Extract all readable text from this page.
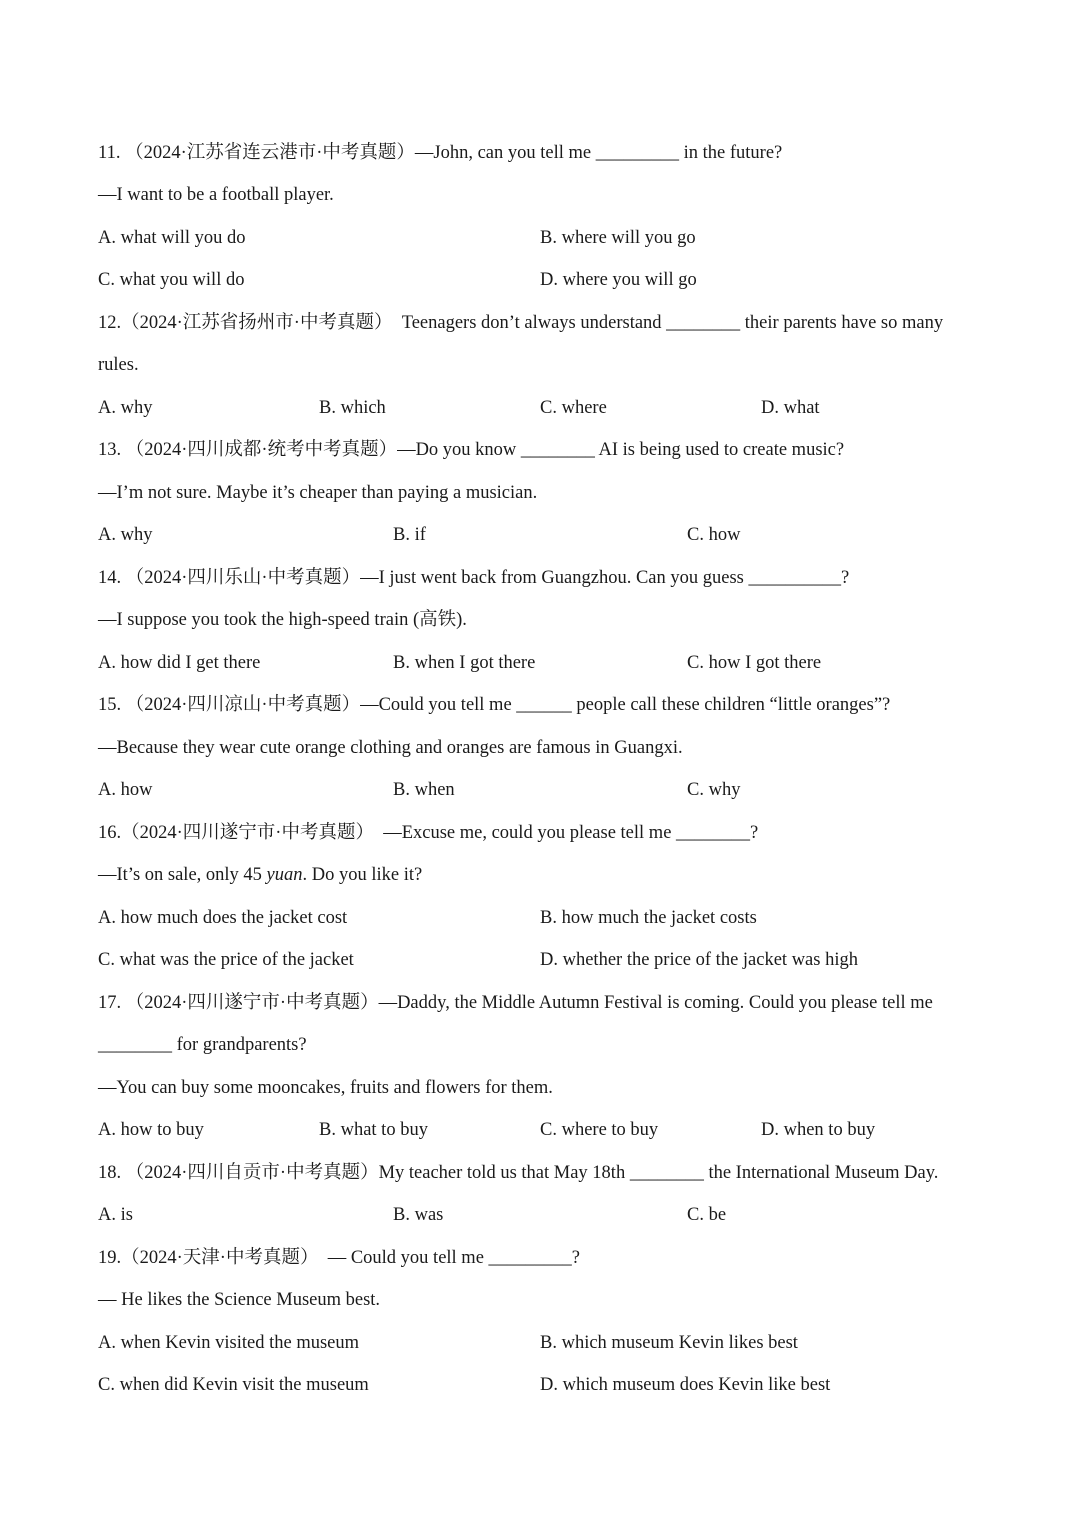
11. （2024·江苏省连云港市·中考真题）—John, can you tell me _________ in the future?
—I want to be a football player.

A. what will you do

	B. where will you go

C. what you will do

	D. where you will go

12.（2024·江苏省扬州市·中考真题）  Teenagers don’t always understand ________ their parents have so many
rules.

A. why

	B. which

	C. where

	D. what

13. （2024·四川成都·统考中考真题）—Do you know ________ AI is being used to create music?
—I’m not sure. Maybe it’s cheaper than paying a musician.

A. why

	B. if

	C. how

14. （2024·四川乐山·中考真题）—I just went back from Guangzhou. Can you guess __________?
—I suppose you took the high-speed train (高铁).

A. how did I get there

	B. when I got there

	C. how I got there

15. （2024·四川凉山·中考真题）—Could you tell me ______ people call these children “little oranges”?
—Because they wear cute orange clothing and oranges are famous in Guangxi.

A. how

	B. when

	C. why

16.（2024·四川遂宁市·中考真题）  —Excuse me, could you please tell me ________?
—It’s on sale, only 45 yuan. Do you like it?

A. how much does the jacket cost

	B. how much the jacket costs

C. what was the price of the jacket

	D. whether the price of the jacket was high

17. （2024·四川遂宁市·中考真题）—Daddy, the Middle Autumn Festival is coming. Could you please tell me
________ for grandparents?
—You can buy some mooncakes, fruits and flowers for them.

A. how to buy

	B. what to buy

	C. where to buy

	D. when to buy

18. （2024·四川自贡市·中考真题）My teacher told us that May 18th ________ the International Museum Day.

A. is

	B. was

	C. be

19.（2024·天津·中考真题）  — Could you tell me _________?
— He likes the Science Museum best.

A. when Kevin visited the museum

	B. which museum Kevin likes best

C. when did Kevin visit the museum

	D. which museum does Kevin like best
